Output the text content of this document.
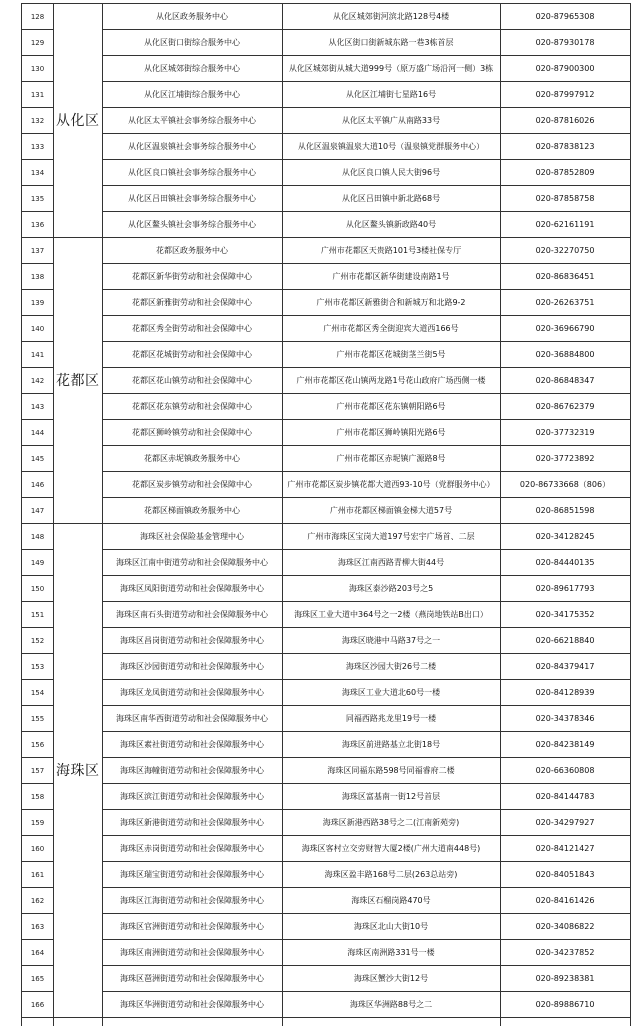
128	从化区	从化区政务服务中心	从化区城郊街河滨北路128号4楼	020-87965308
129		从化区街口街综合服务中心	从化区街口街新城东路一巷3栋首层	020-87930178
130		从化区城郊街综合服务中心	从化区城郊街从城大道999号（原万盛广场沿河一侧）3栋	020-87900300
131		从化区江埔街综合服务中心	从化区江埔街七星路16号	020-87997912
132		从化区太平镇社会事务综合服务中心	从化区太平镇广从南路33号	020-87816026
133		从化区温泉镇社会事务综合服务中心	从化区温泉镇温泉大道10号（温泉镇党群服务中心）	020-87838123
134		从化区良口镇社会事务综合服务中心	从化区良口镇人民大街96号	020-87852809
135		从化区吕田镇社会事务综合服务中心	从化区吕田镇中新北路68号	020-87858758
136		从化区鳌头镇社会事务综合服务中心	从化区鳌头镇新政路40号	020-62161191
137	花都区	花都区政务服务中心	广州市花都区天贵路101号3楼社保专厅	020-32270750
138		花都区新华街劳动和社会保障中心	广州市花都区新华街建设南路1号	020-86836451
139		花都区新雅街劳动和社会保障中心	广州市花都区新雅街合和新城万和北路9-2	020-26263751
140		花都区秀全街劳动和社会保障中心	广州市花都区秀全街迎宾大道西166号	020-36966790
141		花都区花城街劳动和社会保障中心	广州市花都区花城街茎兰街5号	020-36884800
142		花都区花山镇劳动和社会保障中心	广州市花都区花山镇两龙路1号花山政府广场西侧一楼	020-86848347
143		花都区花东镇劳动和社会保障中心	广州市花都区花东镇朝阳路6号	020-86762379
144		花都区狮岭镇劳动和社会保障中心	广州市花都区狮岭镇阳光路6号	020-37732319
145		花都区赤坭镇政务服务中心	广州市花都区赤坭镇广源路8号	020-37723892
146		花都区炭步镇劳动和社会保障中心	广州市花都区炭步镇花都大道西93-10号（党群服务中心）	020-86733668（806）
147		花都区梯面镇政务服务中心	广州市花都区梯面镇金梯大道57号	020-86851598
148	海珠区	海珠区社会保险基金管理中心	广州市海珠区宝岗大道197号宏宇广场首、二层	020-34128245
149		海珠区江南中街道劳动和社会保障服务中心	海珠区江南西路青柳大街44号	020-84440135
150		海珠区凤阳街道劳动和社会保障服务中心	海珠区泰沙路203号之5	020-89617793
151		海珠区南石头街道劳动和社会保障服务中心	海珠区工业大道中364号之一2楼（燕岗地铁站B出口）	020-34175352
152		海珠区昌岗街道劳动和社会保障服务中心	海珠区晓港中马路37号之一	020-66218840
153		海珠区沙园街道劳动和社会保障服务中心	海珠区沙园大街26号二楼	020-84379417
154		海珠区龙凤街道劳动和社会保障服务中心	海珠区工业大道北60号一楼	020-84128939
155		海珠区南华西街道劳动和社会保障服务中心	同福西路兆龙里19号一楼	020-34378346
156		海珠区素社街道劳动和社会保障服务中心	海珠区前进路基立北街18号	020-84238149
157		海珠区海幢街道劳动和社会保障服务中心	海珠区同福东路598号同福睿府二楼	020-66360808
158		海珠区滨江街道劳动和社会保障服务中心	海珠区富基南一街12号首层	020-84144783
159		海珠区新港街道劳动和社会保障服务中心	海珠区新港西路38号之二(江南新苑旁)	020-34297927
160		海珠区赤岗街道劳动和社会保障服务中心	海珠区客村立交旁财智大厦2楼(广州大道南448号)	020-84121427
161		海珠区瑞宝街道劳动和社会保障服务中心	海珠区盈丰路168号二层(263总站旁)	020-84051843
162		海珠区江海街道劳动和社会保障服务中心	海珠区石榴岗路470号	020-84161426
163		海珠区官洲街道劳动和社会保障服务中心	海珠区北山大街10号	020-34086822
164		海珠区南洲街道劳动和社会保障服务中心	海珠区南洲路331号一楼	020-34237852
165		海珠区琶洲街道劳动和社会保障服务中心	海珠区蟹沙大街12号	020-89238381
166		海珠区华洲街道劳动和社会保障服务中心	海珠区华洲路88号之二	020-89886710
